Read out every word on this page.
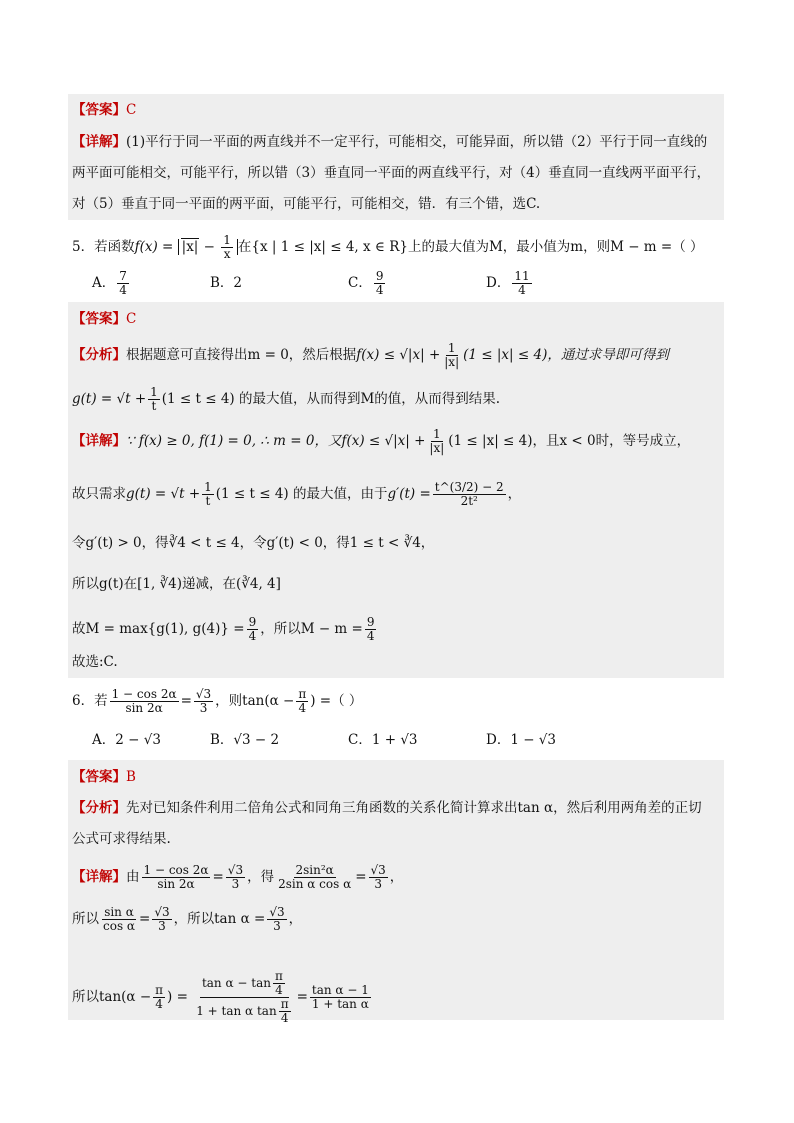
【答案】C
【详解】(1)平行于同一平面的两直线并不一定平行，可能相交，可能异面，所以错（2）平行于同一直线的
两平面可能相交，可能平行，所以错（3）垂直同一平面的两直线平行，对（4）垂直同一直线两平面平行，
对（5）垂直于同一平面的两平面，可能平行，可能相交，错．有三个错，选C.
5．若函数$f(x) = |x| - \frac{1}{x}$ 在{x | 1 ≤ |x| ≤ 4, x ∈ R}上的最大值为M，最小值为m，则M − m =（ ）
A． $\frac{7}{4}$	B．2	C． $\frac{9}{4}$	D． $\frac{11}{4}$
【答案】C
【分析】根据题意可直接得出m = 0，然后根据$f(x) \le √|x| + \frac{1}{|x|} (1 \le |x| \le 4)$，通过求导即可得到
$g(t) = √t + \frac{1}{t} (1 \le t \le 4)$ 的最大值，从而得到M的值，从而得到结果.
【详解】∵ f(x) ≥ 0, f(1) = 0, ∴ m = 0，又$f(x) \le √|x| + \frac{1}{|x|} (1 \le |x| \le 4)$，且x < 0时，等号成立，
故只需求$g(t) = √t + \frac{1}{t} (1 \le t \le 4)$ 的最大值，由于$g'(t) = \frac{t\^{}(3/2) - 2}{\text{2t²}}$ ，
令g′(t) > 0，得∛4 < t ≤ 4，令g′(t) < 0，得1 ≤ t < ∛4，
所以g(t)在[1, ∛4)递减，在(∛4, 4]
故M = max{g(1), $g(4)\} = \frac{9}{4}$ ，所以$M - m = \frac{9}{4}$
故选:C.
6．若 $\frac{1 - \cos 2\alpha}{\sin 2\alpha} = \frac{√3}{3}$ ，则$\tan(\alpha - \frac{\pi}{4}$ ) =（ ）
A．2 − √3	B．√3 − 2	C．1 + √3	D．1 − √3
【答案】B
【分析】先对已知条件利用二倍角公式和同角三角函数的关系化简计算求出tan α，然后利用两角差的正切
公式可求得结果.
【详解】由 $\frac{1 - \cos 2\alpha}{\sin 2\alpha} = \frac{√3}{3}$ ，得 $\frac{\text{2sin²α}}{\text{2sin α cos α}} = \frac{√3}{3}$ ，
所以 $\frac{\text{sin α}}{\text{cos α}} = \frac{√3}{3}$ ，所以$\tan \alpha = \frac{√3}{3}$ ，
所以$\tan(\alpha - \frac{\pi}{4}$ ) = $\frac{\tan \alpha - \tan \frac{\pi}{4}}{1 + \tan \alpha \tan \frac{\pi}{4}} = \frac{\text{tan α − 1}}{\text{1 + tan α}}$
